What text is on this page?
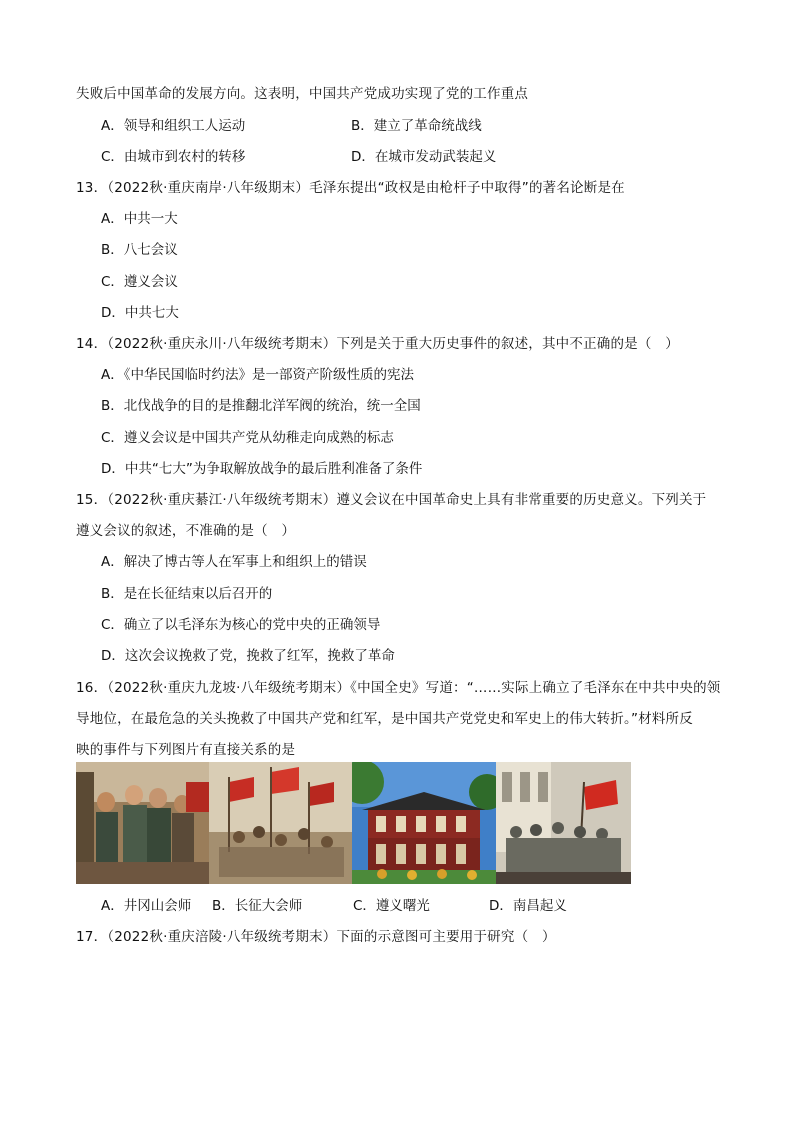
失败后中国革命的发展方向。这表明，中国共产党成功实现了党的工作重点
A．领导和组织工人运动	B．建立了革命统战线
C．由城市到农村的转移	D．在城市发动武装起义
13．（2022秋·重庆南岸·八年级期末）毛泽东提出“政权是由枪杆子中取得”的著名论断是在
A．中共一大
B．八七会议
C．遵义会议
D．中共七大
14．（2022秋·重庆永川·八年级统考期末）下列是关于重大历史事件的叙述，其中不正确的是（　）
A．《中华民国临时约法》是一部资产阶级性质的宪法
B．北伐战争的目的是推翻北洋军阀的统治，统一全国
C．遵义会议是中国共产党从幼稚走向成熟的标志
D．中共“七大”为争取解放战争的最后胜利准备了条件
15．（2022秋·重庆綦江·八年级统考期末）遵义会议在中国革命史上具有非常重要的历史意义。下列关于
遵义会议的叙述，不准确的是（　）
A．解决了博古等人在军事上和组织上的错误
B．是在长征结束以后召开的
C．确立了以毛泽东为核心的党中央的正确领导
D．这次会议挽救了党，挽救了红军，挽救了革命
16．（2022秋·重庆九龙坡·八年级统考期末）《中国全史》写道：“……实际上确立了毛泽东在中共中央的领
导地位，在最危急的关头挽救了中国共产党和红军，是中国共产党党史和军史上的伟大转折。”材料所反
映的事件与下列图片有直接关系的是
A．井冈山会师 B．长征大会师	C．遵义曙光	D．南昌起义
17．（2022秋·重庆涪陵·八年级统考期末）下面的示意图可主要用于研究（　）
